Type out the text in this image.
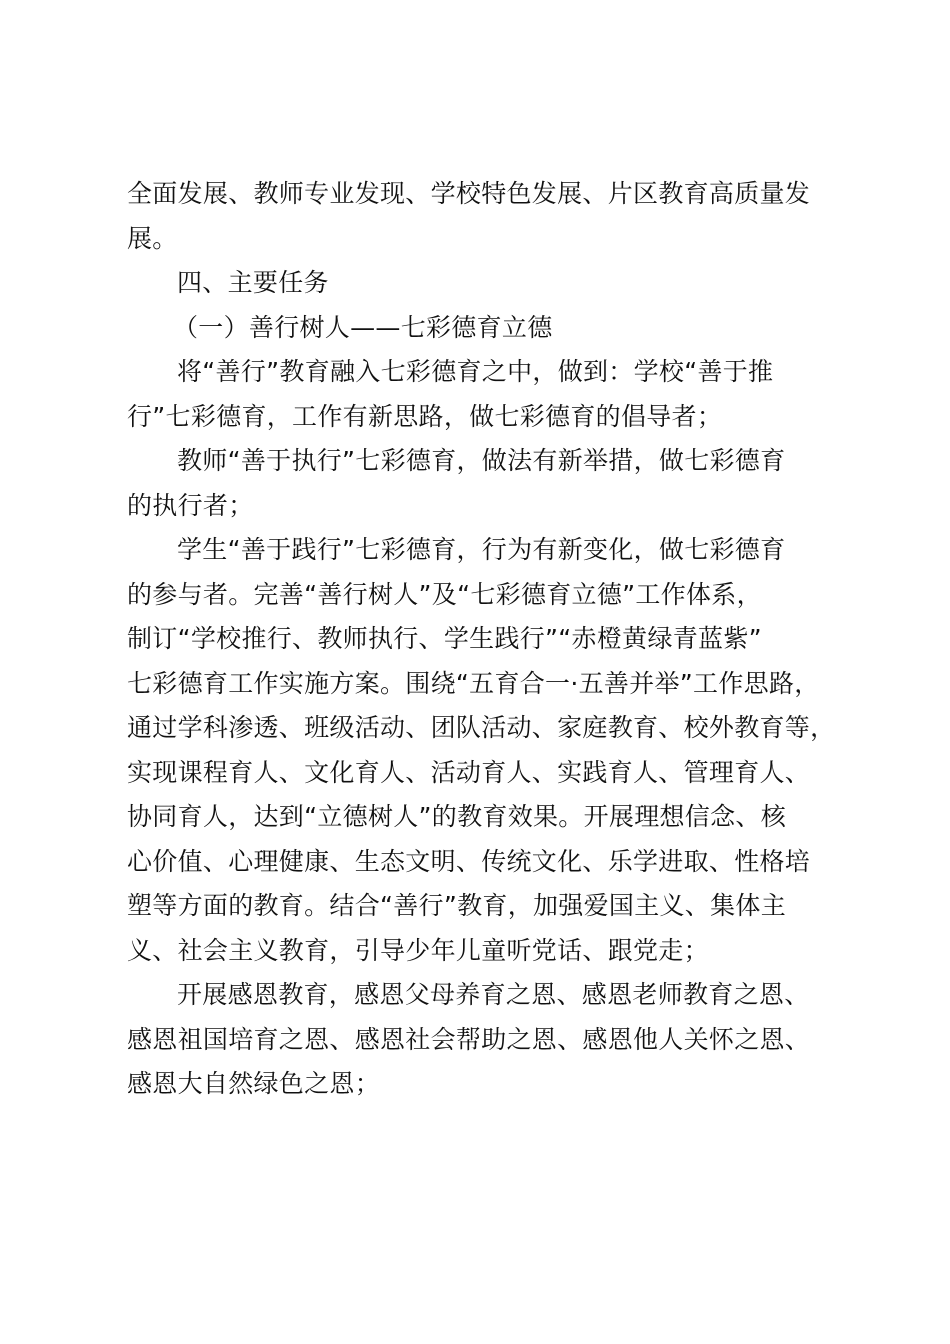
全面发展、教师专业发现、学校特色发展、片区教育高质量发
展。
四、主要任务
（一）善行树人——七彩德育立德
将“善行”教育融入七彩德育之中，做到：学校“善于推
行”七彩德育，工作有新思路，做七彩德育的倡导者；
教师“善于执行”七彩德育，做法有新举措，做七彩德育
的执行者；
学生“善于践行”七彩德育，行为有新变化，做七彩德育
的参与者。完善“善行树人”及“七彩德育立德”工作体系，
制订“学校推行、教师执行、学生践行”“赤橙黄绿青蓝紫”
七彩德育工作实施方案。围绕“五育合一·五善并举”工作思路，
通过学科渗透、班级活动、团队活动、家庭教育、校外教育等，
实现课程育人、文化育人、活动育人、实践育人、管理育人、
协同育人，达到“立德树人”的教育效果。开展理想信念、核
心价值、心理健康、生态文明、传统文化、乐学进取、性格培
塑等方面的教育。结合“善行”教育，加强爱国主义、集体主
义、社会主义教育，引导少年儿童听党话、跟党走；
开展感恩教育，感恩父母养育之恩、感恩老师教育之恩、
感恩祖国培育之恩、感恩社会帮助之恩、感恩他人关怀之恩、
感恩大自然绿色之恩；
